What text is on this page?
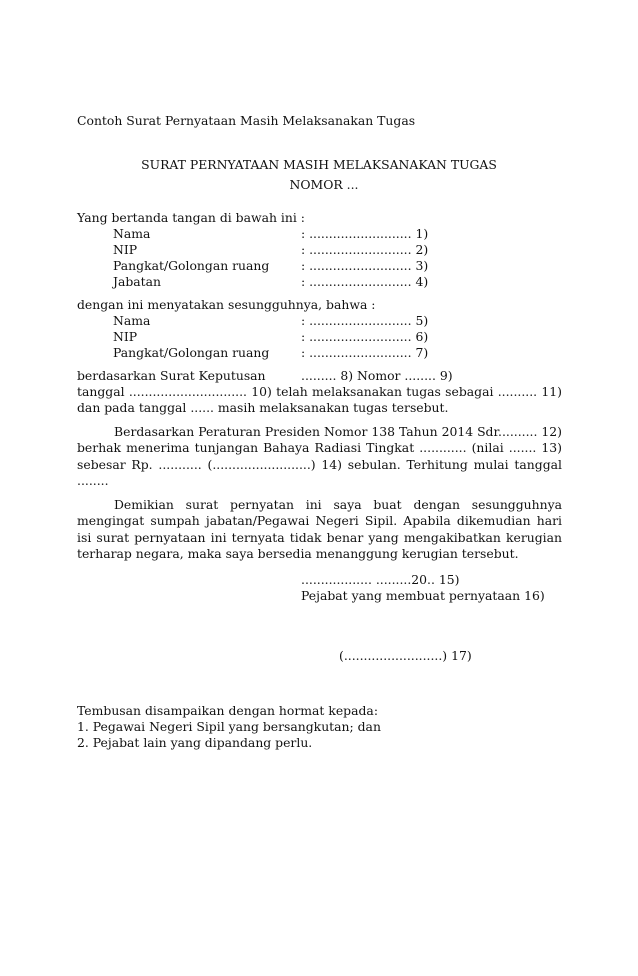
Contoh Surat Pernyataan Masih Melaksanakan Tugas
SURAT PERNYATAAN MASIH MELAKSANAKAN TUGAS
NOMOR ...
Yang bertanda tangan di bawah ini :
Nama	: .......................... 1)
NIP	: .......................... 2)
Pangkat/Golongan ruang	: .......................... 3)
Jabatan	: .......................... 4)
dengan ini menyatakan sesungguhnya, bahwa :
Nama	: .......................... 5)
NIP	: .......................... 6)
Pangkat/Golongan ruang	: .......................... 7)
berdasarkan Surat Keputusan	......... 8) Nomor ........ 9)
tanggal .............................. 10) telah melaksanakan tugas sebagai .......... 11)
dan pada tanggal ...... masih melaksanakan tugas tersebut.
Berdasarkan Peraturan Presiden Nomor 138 Tahun 2014 Sdr.......... 12) berhak menerima tunjangan Bahaya Radiasi Tingkat ............ (nilai ....... 13) sebesar Rp. ........... (.........................) 14) sebulan. Terhitung mulai tanggal ........
Demikian surat pernyatan ini saya buat dengan sesungguhnya mengingat sumpah jabatan/Pegawai Negeri Sipil. Apabila dikemudian hari isi surat pernyataan ini ternyata tidak benar yang mengakibatkan kerugian terharap negara, maka saya bersedia menanggung kerugian tersebut.
.................. .........20.. 15)
Pejabat yang membuat pernyataan 16)
(.........................) 17)
Tembusan disampaikan dengan hormat kepada:
1. Pegawai Negeri Sipil yang bersangkutan; dan
2. Pejabat lain yang dipandang perlu.
